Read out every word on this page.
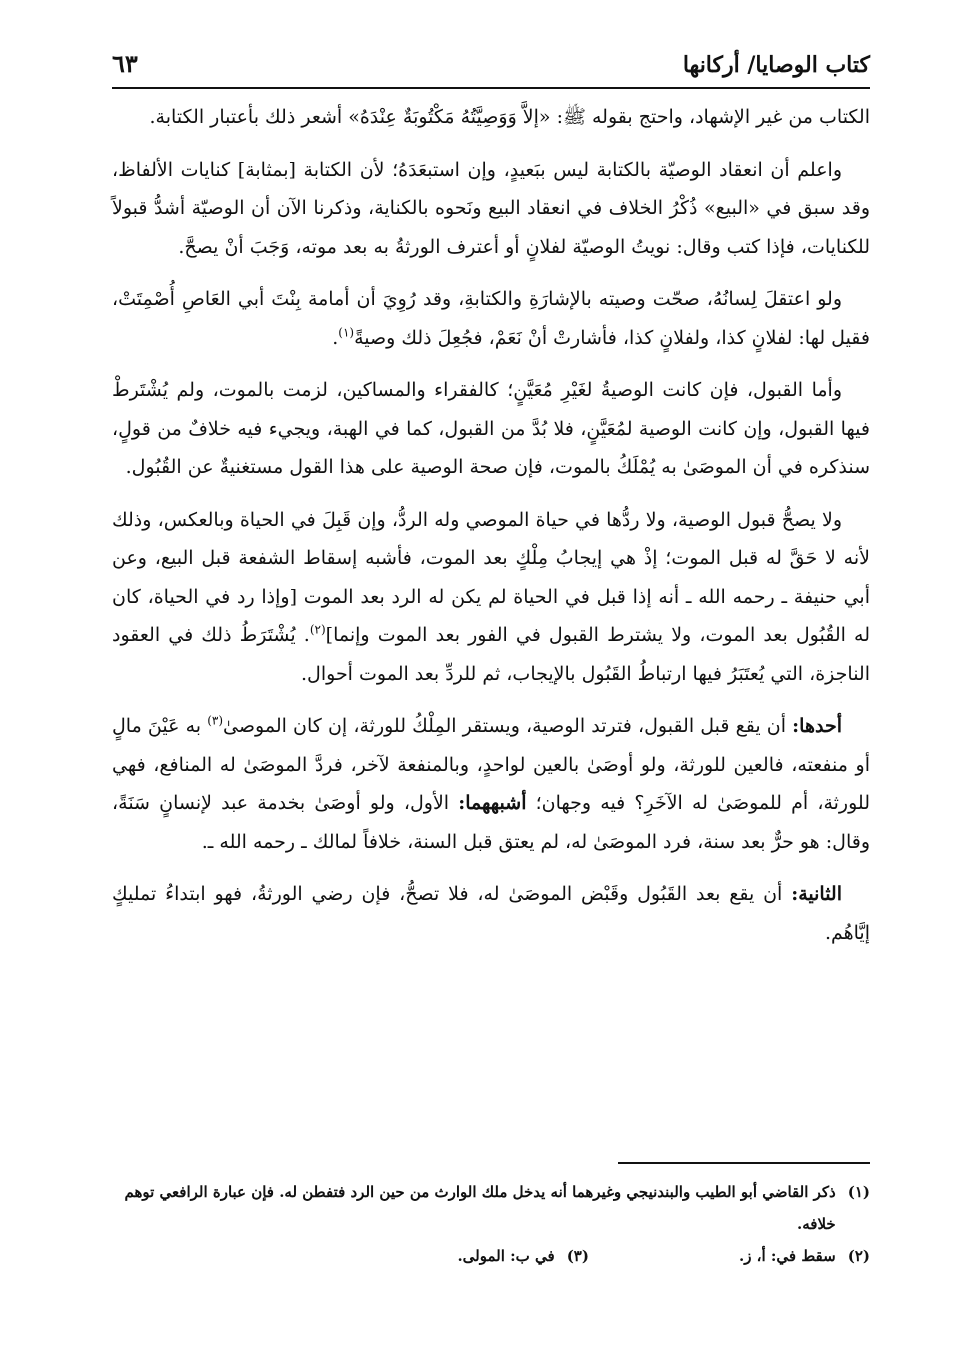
كتاب الوصايا/ أركانها
٦٣

الكتاب من غير الإشهاد، واحتج بقوله ﷺ: «إلاَّ وَوَصِيَّتُهُ مَكْتُوبَةٌ عِنْدَهُ» أشعر ذلك بأعتبار الكتابة.

واعلم أن انعقاد الوصيّة بالكتابة ليس ببَعيدٍ، وإن استبعَدَهُ؛ لأن الكتابة [بمثابة] كنايات الألفاظ، وقد سبق في «البيع» ذُكْرُ الخلاف في انعقاد البيع ونَحوه بالكناية، وذكرنا الآن أن الوصيّة أشدُّ قبولاً للكنايات، فإذا كتب وقال: نويتُ الوصيّة لفلانٍ أو أعترف الورثةُ به بعد موته، وَجَبَ أنْ يصحَّ.

ولو اعتقلَ لِسانُهُ، صحّت وصيته بالإشارَةِ والكتابةِ، وقد رُوِيَ أن أمامة بِنْتَ أبي العَاصِ أُصْمِتَتْ، فقيل لها: لفلانٍ كذا، ولفلانٍ كذا، فأشارتْ أنْ نَعَمْ، فجُعِلَ ذلك وصيةً$^{(١)}$.

وأما القبول، فإن كانت الوصيةُ لغَيْرِ مُعَيَّنٍ؛ كالفقراء والمساكين، لزمت بالموت، ولم يُشْتَرطْ فيها القبول، وإن كانت الوصية لمُعَيَّنٍ، فلا بُدَّ من القبول، كما في الهبة، ويجيء فيه خلافٌ من قولٍ، سنذكره في أن الموصَىٰ به يُمْلَكُ بالموت، فإن صحة الوصية على هذا القول مستغنيةٌ عن القُبُول.

ولا يصحُّ قبول الوصية، ولا ردُّها في حياة الموصي وله الردُّ، وإن قَبِلَ في الحياة وبالعكس، وذلك لأنه لا حَقَّ له قبل الموت؛ إذْ هي إيجابُ مِلْكٍ بعد الموت، فأشبه إسقاط الشفعة قبل البيع، وعن أبي حنيفة ـ رحمه الله ـ أنه إذا قبل في الحياة لم يكن له الرد بعد الموت [وإذا رد في الحياة، كان له القُبُول بعد الموت، ولا يشترط القبول في الفور بعد الموت وإنما]$^{(٢)}$. يُشْتَرَطُ ذلك في العقود الناجزة، التي يُعتَبَرُ فيها ارتباطُ القَبُول بالإيجاب، ثم للردِّ بعد الموت أحوال.

أحدها: أن يقع قبل القبول، فترتد الوصية، ويستقر المِلْكُ للورثة، إن كان الموصىٰ$^{(٣)}$ به عَيْنَ مالٍ أو منفعته، فالعين للورثة، ولو أوصَىٰ بالعين لواحدٍ، وبالمنفعة لآخر، فردَّ الموصَىٰ له المنافع، فهي للورثة، أم للموصَىٰ له الآخَرِ؟ فيه وجهان؛ أشبههما: الأول، ولو أوصَىٰ بخدمة عبد لإنسانٍ سَنَةً، وقال: هو حرٌّ بعد سنة، فرد الموصَىٰ له، لم يعتق قبل السنة، خلافاً لمالك ـ رحمه الله ـ.

الثانية: أن يقع بعد القَبُول وقَبْض الموصَىٰ له، فلا تصحُّ، فإن رضي الورثةُ، فهو ابتداءُ تمليكٍ إيَّاهُم.

(١)
ذكر القاضي أبو الطيب والبندنيجي وغيرهما أنه يدخل ملك الوارث من حين الرد فتفطن له. فإن عبارة الرافعي توهم خلافه.
(٢)
سقط في: أ، ز.
(٣)
في ب: المولى.
